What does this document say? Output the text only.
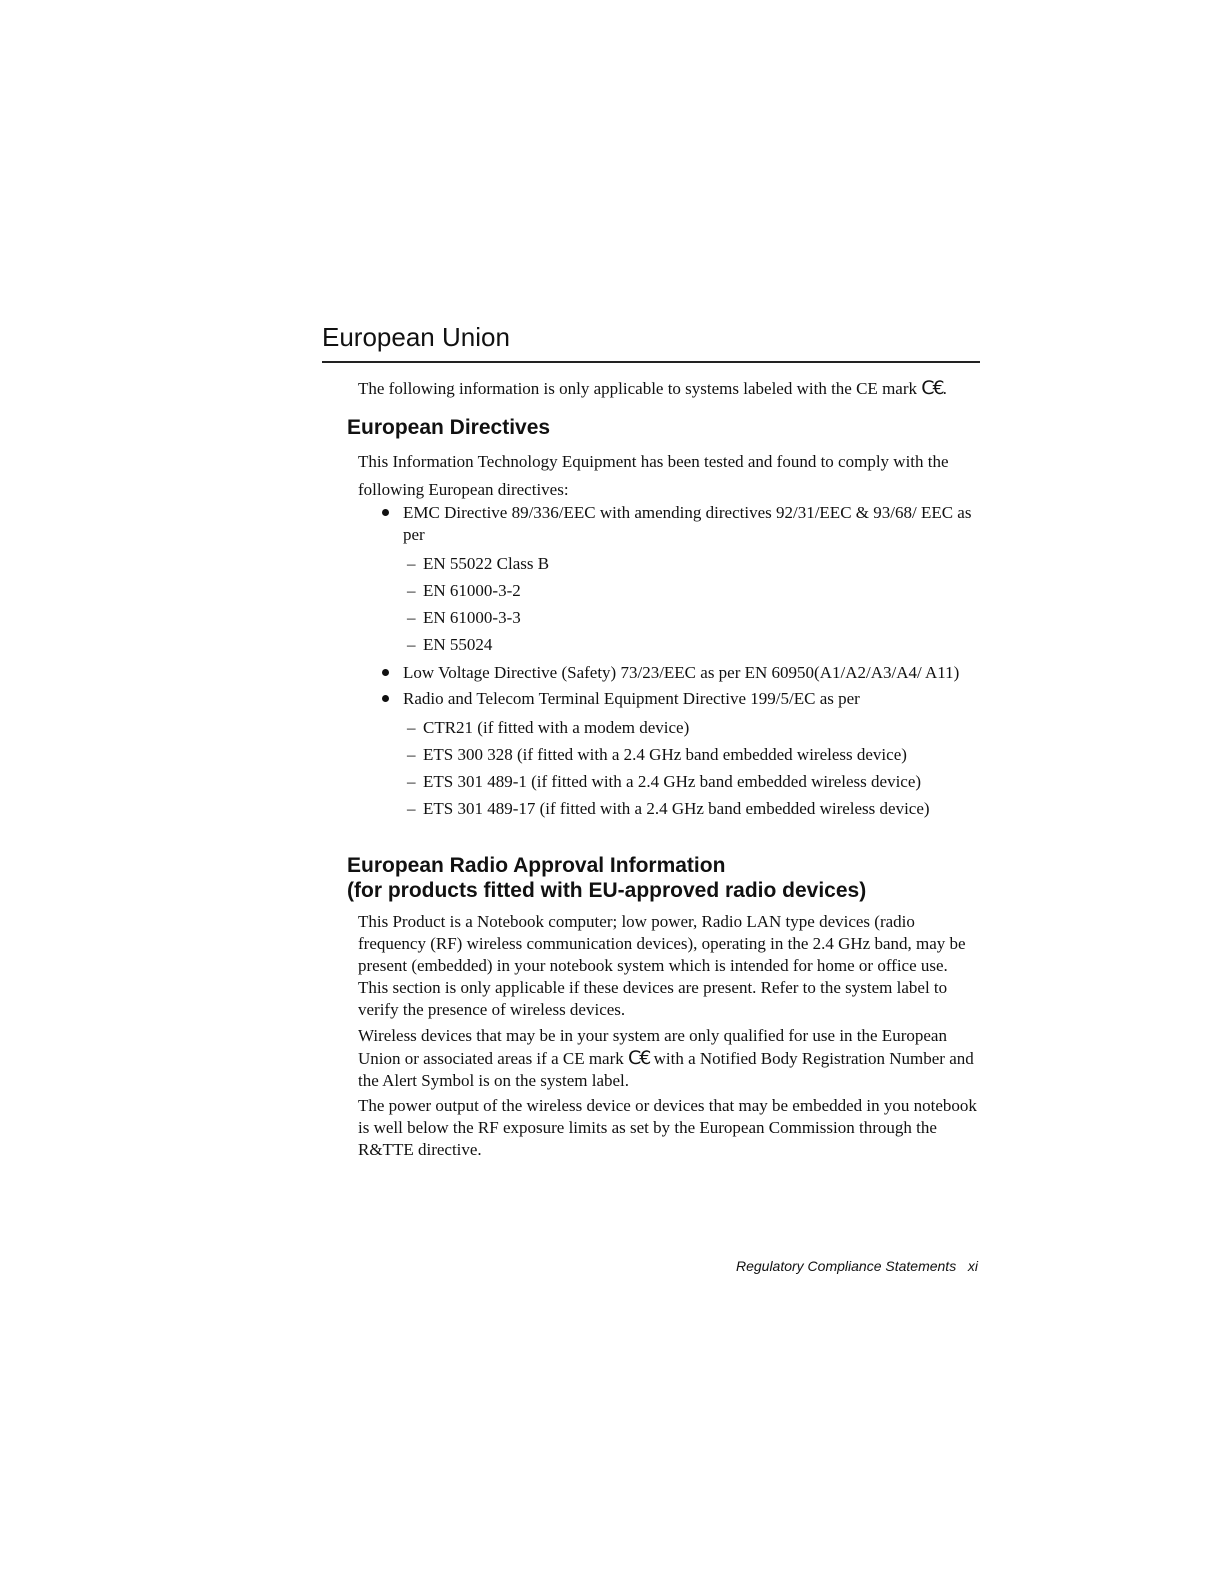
European Union
The following information is only applicable to systems labeled with the CE mark C€.
European Directives

This Information Technology Equipment has been tested and found to comply with the following European directives:

EMC Directive 89/336/EEC with amending directives 92/31/EEC & 93/68/ EEC as per
– EN 55022 Class B
– EN 61000-3-2
– EN 61000-3-3
– EN 55024
Low Voltage Directive (Safety) 73/23/EEC as per EN 60950(A1/A2/A3/A4/ A11)
Radio and Telecom Terminal Equipment Directive 199/5/EC as per
– CTR21 (if fitted with a modem device)
– ETS 300 328 (if fitted with a 2.4 GHz band embedded wireless device)
– ETS 301 489-1 (if fitted with a 2.4 GHz band embedded wireless device)
– ETS 301 489-17 (if fitted with a 2.4 GHz band embedded wireless device)
European Radio Approval Information
(for products fitted with EU-approved radio devices)

This Product is a Notebook computer; low power, Radio LAN type devices (radio frequency (RF) wireless communication devices), operating in the 2.4 GHz band, may be present (embedded) in your notebook system which is intended for home or office use. This section is only applicable if these devices are present. Refer to the system label to verify the presence of wireless devices.

Wireless devices that may be in your system are only qualified for use in the European Union or associated areas if a CE mark C€ with a Notified Body Registration Number and the Alert Symbol is on the system label.

The power output of the wireless device or devices that may be embedded in you notebook is well below the RF exposure limits as set by the European Commission through the R&TTE directive.

Regulatory Compliance Statements xi
